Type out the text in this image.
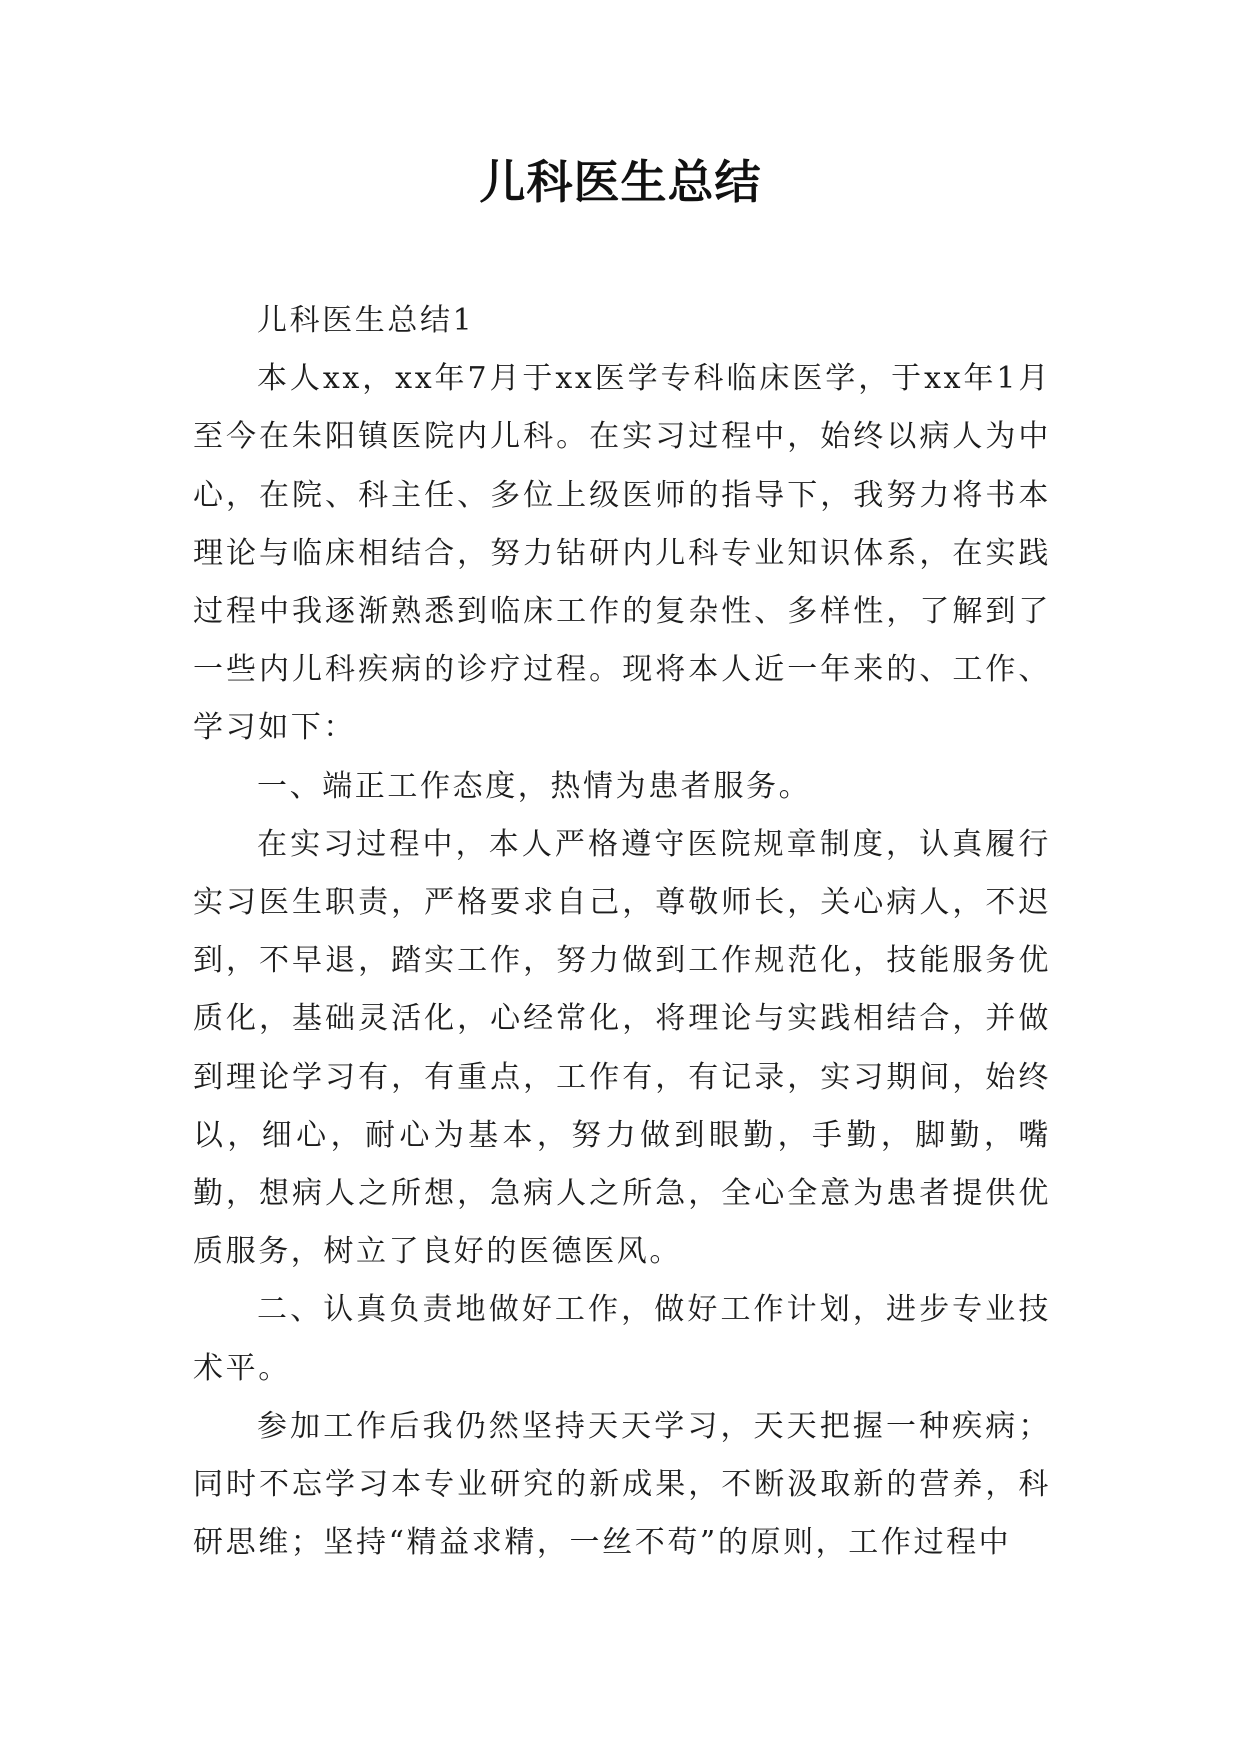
儿科医生总结

儿科医生总结1

本人xx，xx年7月于xx医学专科临床医学，于xx年1月至今在朱阳镇医院内儿科。在实习过程中，始终以病人为中心，在院、科主任、多位上级医师的指导下，我努力将书本理论与临床相结合，努力钻研内儿科专业知识体系，在实践过程中我逐渐熟悉到临床工作的复杂性、多样性，了解到了一些内儿科疾病的诊疗过程。现将本人近一年来的、工作、学习如下：

一、端正工作态度，热情为患者服务。

在实习过程中，本人严格遵守医院规章制度，认真履行实习医生职责，严格要求自己，尊敬师长，关心病人，不迟到，不早退，踏实工作，努力做到工作规范化，技能服务优质化，基础灵活化，心经常化，将理论与实践相结合，并做到理论学习有，有重点，工作有，有记录，实习期间，始终以，细心，耐心为基本，努力做到眼勤，手勤，脚勤，嘴勤，想病人之所想，急病人之所急，全心全意为患者提供优质服务，树立了良好的医德医风。

二、认真负责地做好工作，做好工作计划，进步专业技术平。

参加工作后我仍然坚持天天学习，天天把握一种疾病；同时不忘学习本专业研究的新成果，不断汲取新的营养，科研思维；坚持“精益求精，一丝不苟”的原则，工作过程中
